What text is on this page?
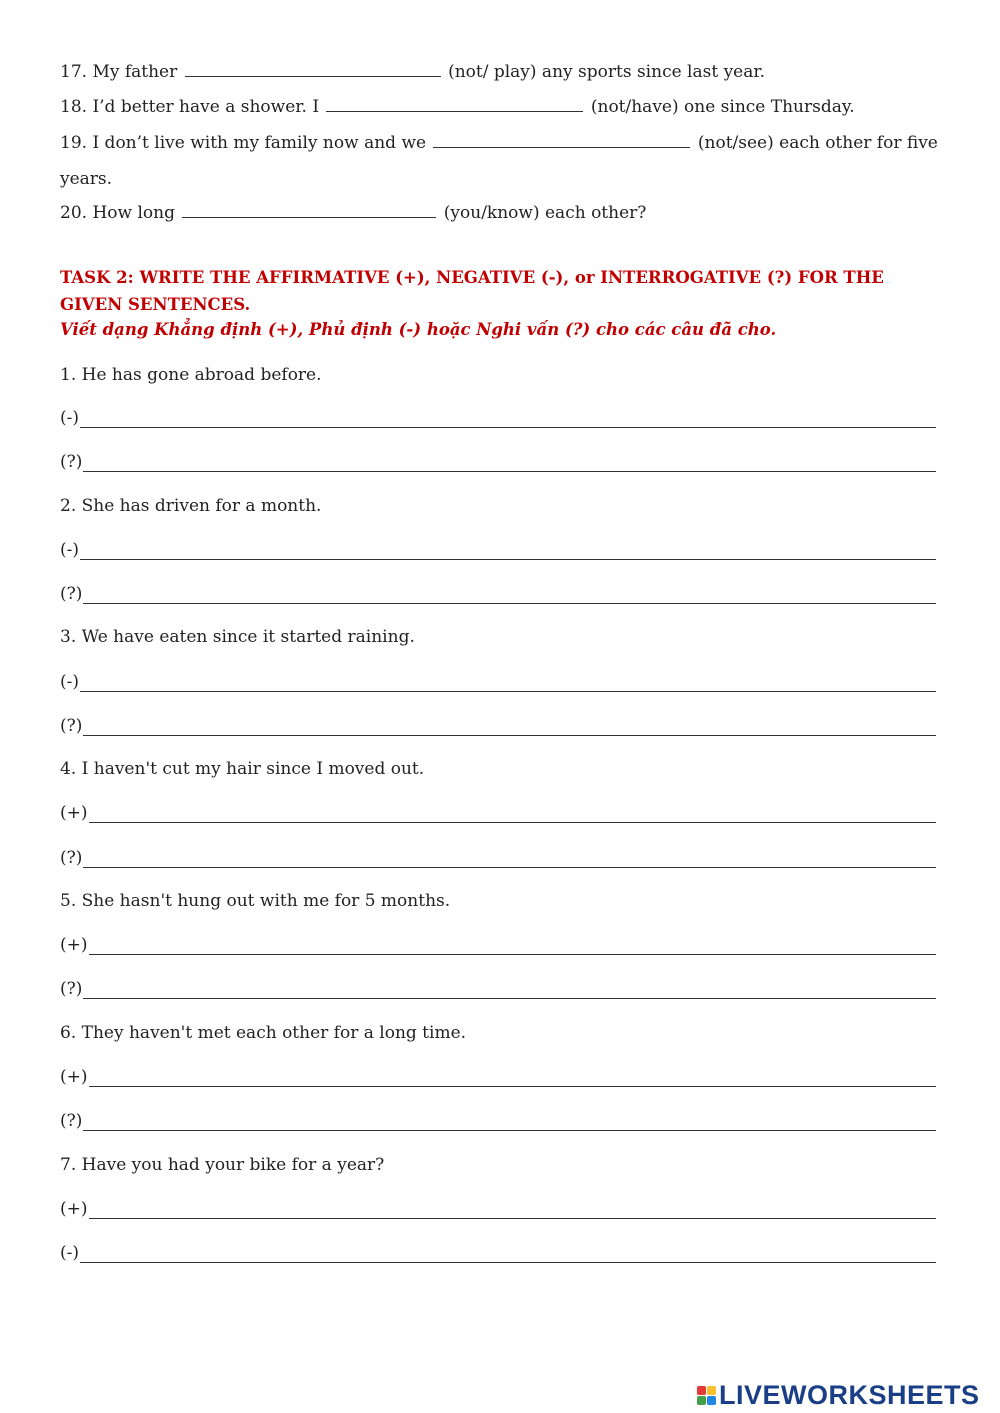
17. My father	(not/ play) any sports since last year.
18. I’d better have a shower. I	(not/have) one since Thursday.
19. I don’t live with my family now and we	(not/see) each other for five
years.
20. How long	(you/know) each other?
TASK 2: WRITE THE AFFIRMATIVE (+), NEGATIVE (-), or INTERROGATIVE (?) FOR THE GIVEN SENTENCES.
Viết dạng Khẳng định (+), Phủ định (-) hoặc Nghi vấn (?) cho các câu đã cho.
1. He has gone abroad before.
(-)
(?)
2. She has driven for a month.
(-)
(?)
3. We have eaten since it started raining.
(-)
(?)
4. I haven't cut my hair since I moved out.
(+)
(?)
5. She hasn't hung out with me for 5 months.
(+)
(?)
6. They haven't met each other for a long time.
(+)
(?)
7. Have you had your bike for a year?
(+)
(-)
LIVEWORKSHEETS
